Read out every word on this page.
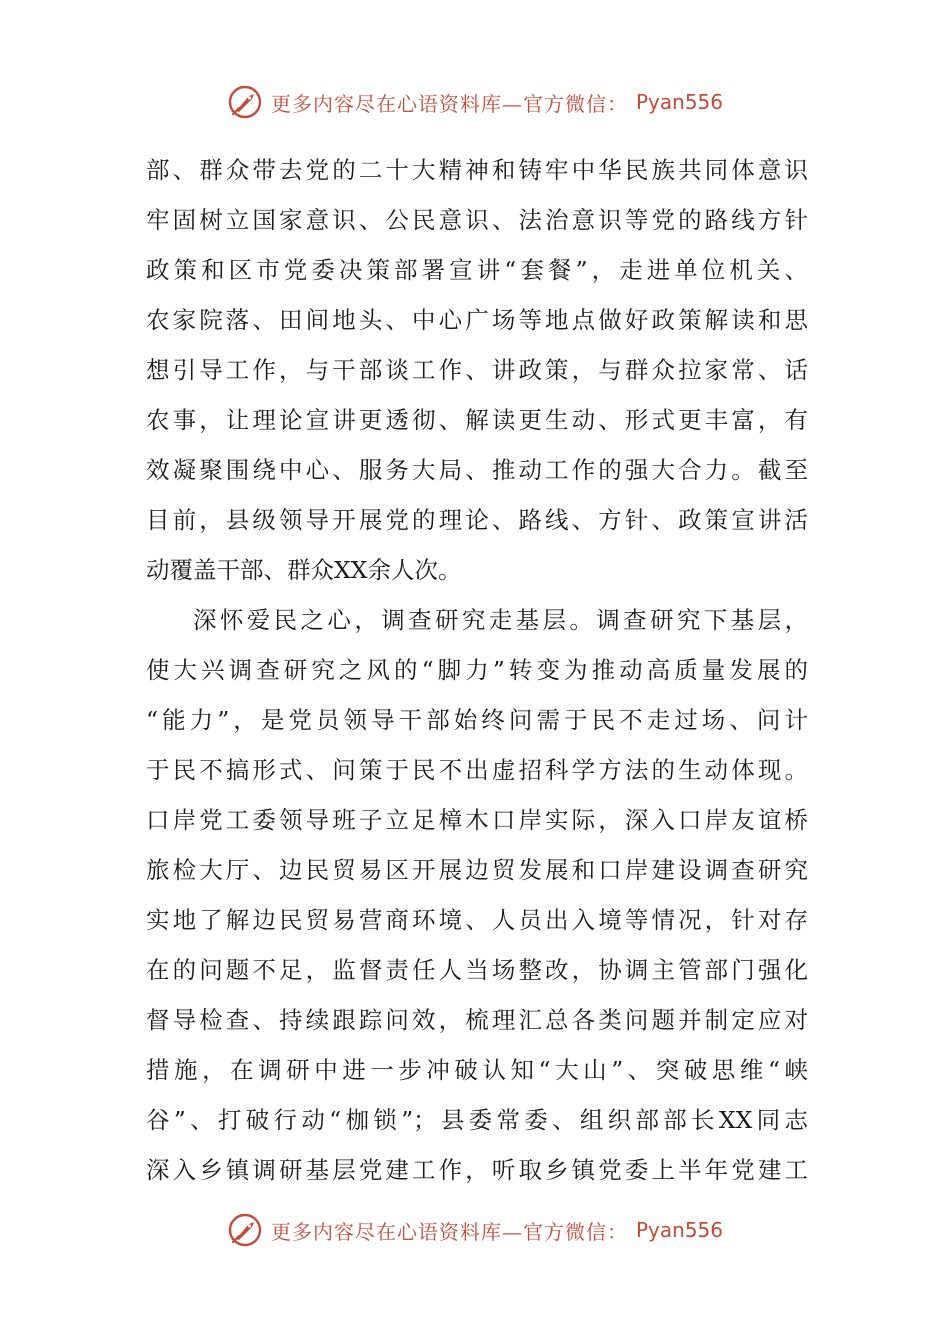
更多内容尽在心语资料库—官方微信： Pyan556
部、群众带去党的二十大精神和铸牢中华民族共同体意识
牢固树立国家意识、公民意识、法治意识等党的路线方针
政策和区市党委决策部署宣讲“套餐”，走进单位机关、
农家院落、田间地头、中心广场等地点做好政策解读和思
想引导工作，与干部谈工作、讲政策，与群众拉家常、话
农事，让理论宣讲更透彻、解读更生动、形式更丰富，有
效凝聚围绕中心、服务大局、推动工作的强大合力。截至
目前，县级领导开展党的理论、路线、方针、政策宣讲活
动覆盖干部、群众XX余人次。
深怀爱民之心，调查研究走基层。调查研究下基层，
使大兴调查研究之风的“脚力”转变为推动高质量发展的
“能力”，是党员领导干部始终问需于民不走过场、问计
于民不搞形式、问策于民不出虚招科学方法的生动体现。
口岸党工委领导班子立足樟木口岸实际，深入口岸友谊桥
旅检大厅、边民贸易区开展边贸发展和口岸建设调查研究
实地了解边民贸易营商环境、人员出入境等情况，针对存
在的问题不足，监督责任人当场整改，协调主管部门强化
督导检查、持续跟踪问效，梳理汇总各类问题并制定应对
措施，在调研中进一步冲破认知“大山”、突破思维“峡
谷”、打破行动“枷锁”；县委常委、组织部部长XX同志
深入乡镇调研基层党建工作，听取乡镇党委上半年党建工
更多内容尽在心语资料库—官方微信： Pyan556
